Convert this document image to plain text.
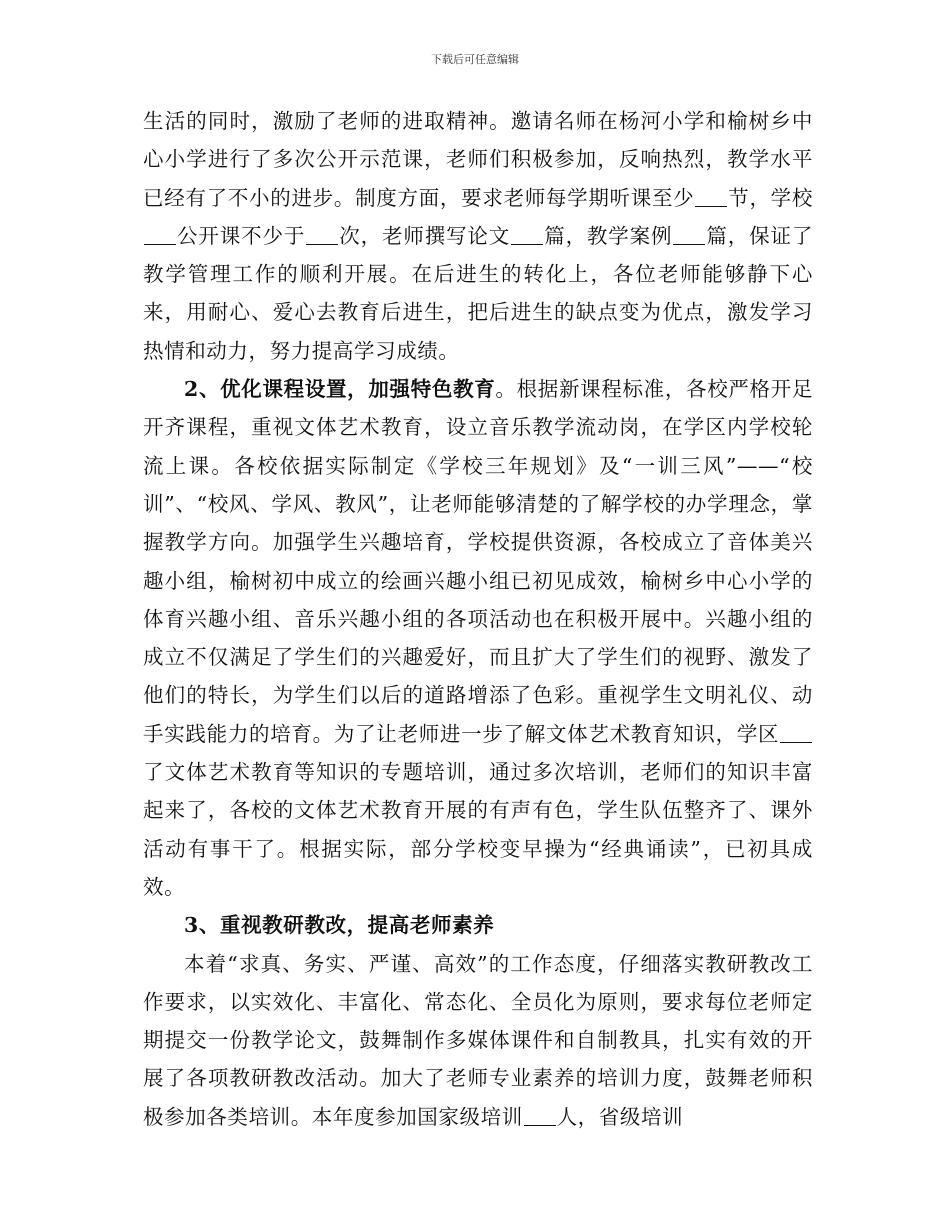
下载后可任意编辑

生活的同时，激励了老师的进取精神。邀请名师在杨河小学和榆树乡中心小学进行了多次公开示范课，老师们积极参加，反响热烈，教学水平已经有了不小的进步。制度方面，要求老师每学期听课至少 节，学校公开课不少于 次，老师撰写论文 篇，教学案例 篇，保证了教学管理工作的顺利开展。在后进生的转化上，各位老师能够静下心来，用耐心、爱心去教育后进生，把后进生的缺点变为优点，激发学习热情和动力，努力提高学习成绩。

2、优化课程设置，加强特色教育。根据新课程标准，各校严格开足开齐课程，重视文体艺术教育，设立音乐教学流动岗，在学区内学校轮流上课。各校依据实际制定《学校三年规划》及“一训三风”——“校训”、“校风、学风、教风”，让老师能够清楚的了解学校的办学理念，掌握教学方向。加强学生兴趣培育，学校提供资源，各校成立了音体美兴趣小组，榆树初中成立的绘画兴趣小组已初见成效，榆树乡中心小学的体育兴趣小组、音乐兴趣小组的各项活动也在积极开展中。兴趣小组的成立不仅满足了学生们的兴趣爱好，而且扩大了学生们的视野、激发了他们的特长，为学生们以后的道路增添了色彩。重视学生文明礼仪、动手实践能力的培育。为了让老师进一步了解文体艺术教育知识，学区了文体艺术教育等知识的专题培训，通过多次培训，老师们的知识丰富起来了，各校的文体艺术教育开展的有声有色，学生队伍整齐了、课外活动有事干了。根据实际，部分学校变早操为“经典诵读”，已初具成效。

3、重视教研教改，提高老师素养

本着“求真、务实、严谨、高效”的工作态度，仔细落实教研教改工作要求，以实效化、丰富化、常态化、全员化为原则，要求每位老师定期提交一份教学论文，鼓舞制作多媒体课件和自制教具，扎实有效的开展了各项教研教改活动。加大了老师专业素养的培训力度，鼓舞老师积极参加各类培训。本年度参加国家级培训 人，省级培训
